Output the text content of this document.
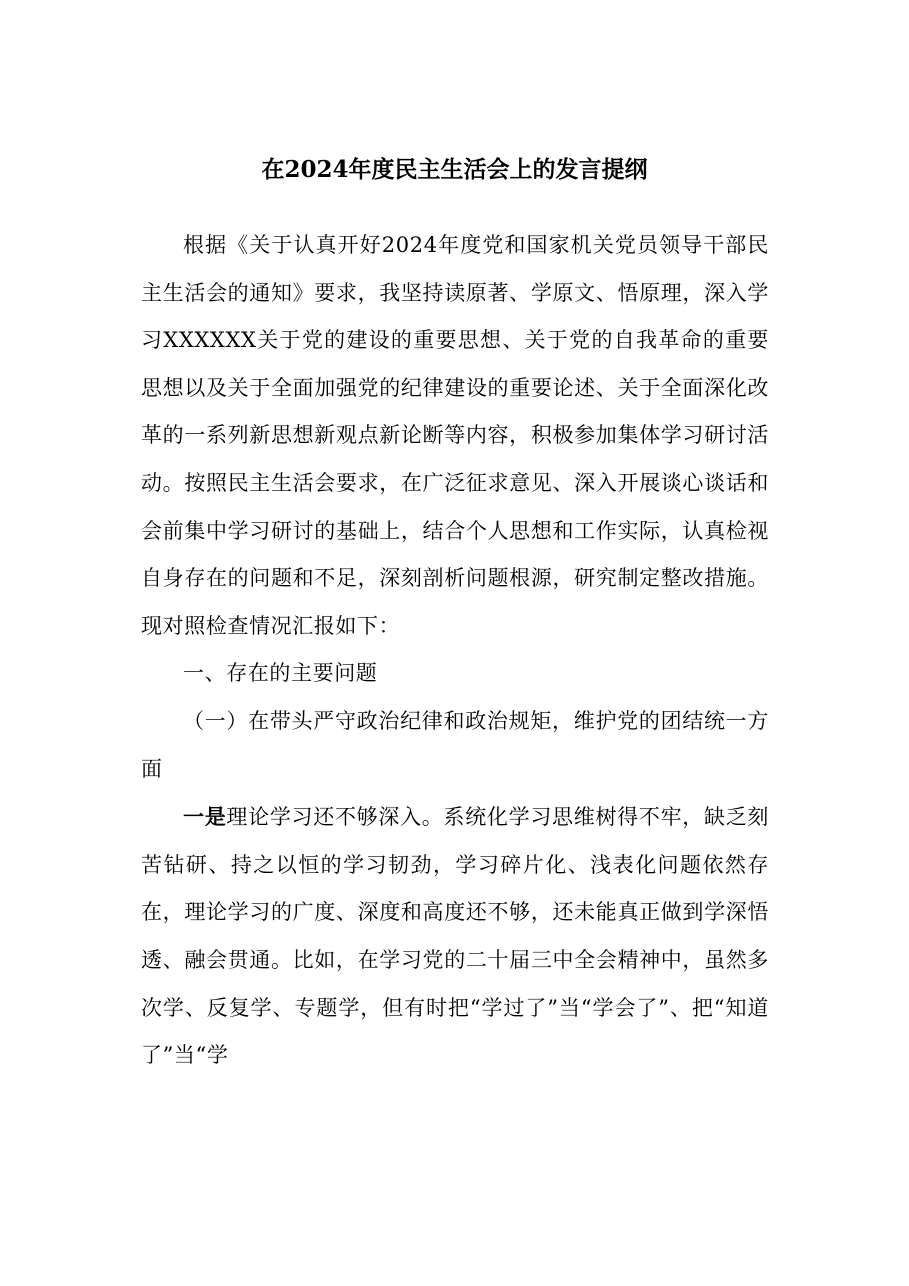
在2024年度民主生活会上的发言提纲

根据《关于认真开好2024年度党和国家机关党员领导干部民主生活会的通知》要求，我坚持读原著、学原文、悟原理，深入学习XXXXXX关于党的建设的重要思想、关于党的自我革命的重要思想以及关于全面加强党的纪律建设的重要论述、关于全面深化改革的一系列新思想新观点新论断等内容，积极参加集体学习研讨活动。按照民主生活会要求，在广泛征求意见、深入开展谈心谈话和会前集中学习研讨的基础上，结合个人思想和工作实际，认真检视自身存在的问题和不足，深刻剖析问题根源，研究制定整改措施。现对照检查情况汇报如下：

一、存在的主要问题

（一）在带头严守政治纪律和政治规矩，维护党的团结统一方面

一是理论学习还不够深入。系统化学习思维树得不牢，缺乏刻苦钻研、持之以恒的学习韧劲，学习碎片化、浅表化问题依然存在，理论学习的广度、深度和高度还不够，还未能真正做到学深悟透、融会贯通。比如，在学习党的二十届三中全会精神中，虽然多次学、反复学、专题学，但有时把“学过了”当“学会了”、把“知道了”当“学
